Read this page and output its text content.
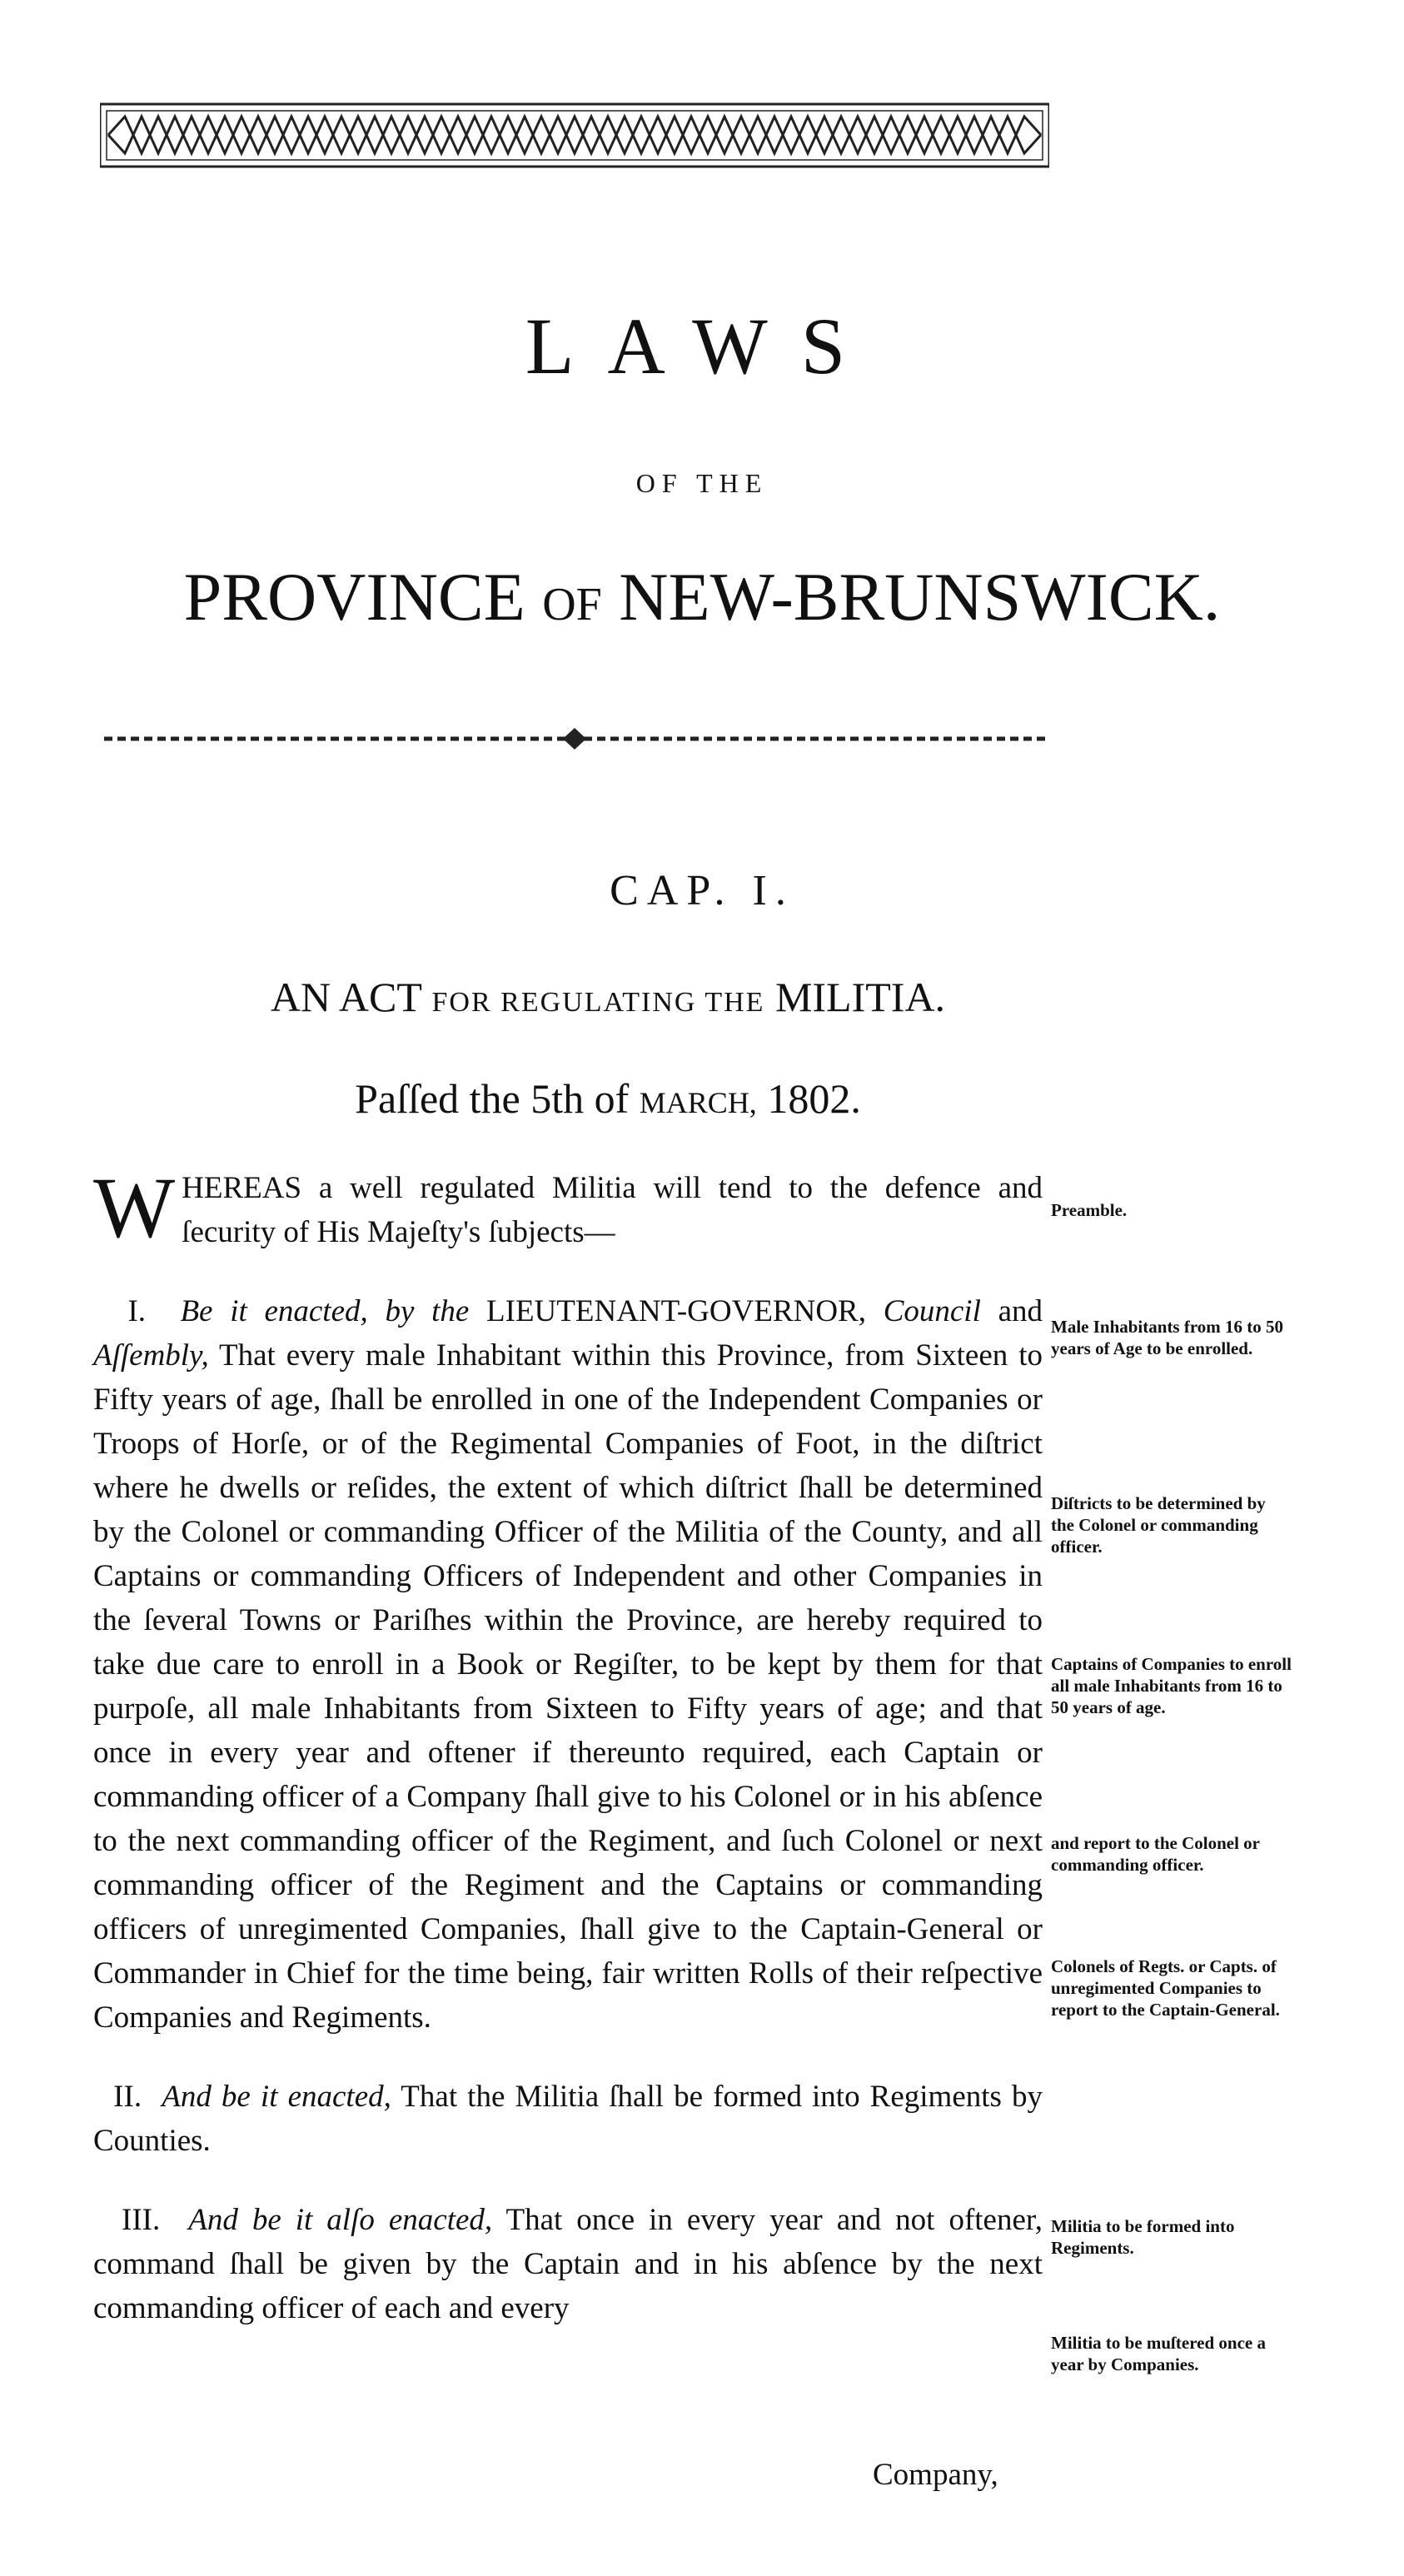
LAWS
OF THE
PROVINCE OF NEW-BRUNSWICK.
CAP. I.
AN ACT FOR REGULATING THE MILITIA.
Paſſed the 5th of MARCH, 1802.

WHEREAS a well regulated Militia will tend to the defence and ſecurity of His Majeſty's ſubjects—

I. Be it enacted, by the LIEUTENANT-GOVERNOR, Council and Aſſembly, That every male Inhabitant within this Province, from Sixteen to Fifty years of age, ſhall be enrolled in one of the Independent Companies or Troops of Horſe, or of the Regimental Companies of Foot, in the diſtrict where he dwells or reſides, the extent of which diſtrict ſhall be determined by the Colonel or commanding Officer of the Militia of the County, and all Captains or commanding Officers of Independent and other Companies in the ſeveral Towns or Pariſhes within the Province, are hereby required to take due care to enroll in a Book or Regiſter, to be kept by them for that purpoſe, all male Inhabitants from Sixteen to Fifty years of age; and that once in every year and oftener if thereunto required, each Captain or commanding officer of a Company ſhall give to his Colonel or in his abſence to the next commanding officer of the Regiment, and ſuch Colonel or next commanding officer of the Regiment and the Captains or commanding officers of unregimented Companies, ſhall give to the Captain-General or Commander in Chief for the time being, fair written Rolls of their reſpective Companies and Regiments.

II. And be it enacted, That the Militia ſhall be formed into Regiments by Counties.

III. And be it alſo enacted, That once in every year and not oftener, command ſhall be given by the Captain and in his abſence by the next commanding officer of each and every

Preamble.
Male Inhabitants from 16 to 50 years of Age to be enrolled.
Diſtricts to be determined by the Colonel or commanding officer.
Captains of Companies to enroll all male Inhabitants from 16 to 50 years of age.
and report to the Colonel or commanding officer.
Colonels of Regts. or Capts. of unregimented Companies to report to the Captain-General.
Militia to be formed into Regiments.
Militia to be muſtered once a year by Companies.
Company,
